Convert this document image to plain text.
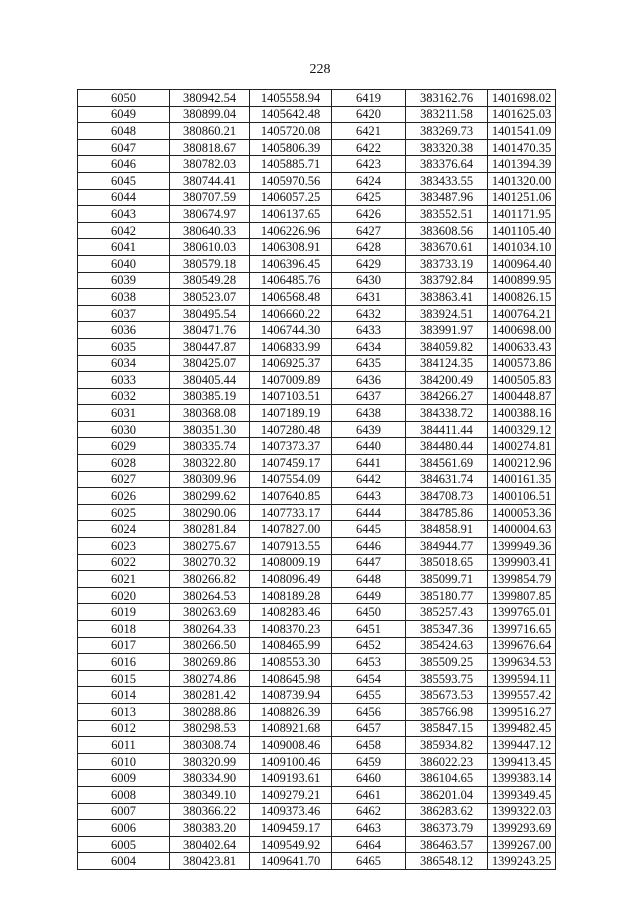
228
6050	380942.54	1405558.94	6419	383162.76	1401698.02
6049	380899.04	1405642.48	6420	383211.58	1401625.03
6048	380860.21	1405720.08	6421	383269.73	1401541.09
6047	380818.67	1405806.39	6422	383320.38	1401470.35
6046	380782.03	1405885.71	6423	383376.64	1401394.39
6045	380744.41	1405970.56	6424	383433.55	1401320.00
6044	380707.59	1406057.25	6425	383487.96	1401251.06
6043	380674.97	1406137.65	6426	383552.51	1401171.95
6042	380640.33	1406226.96	6427	383608.56	1401105.40
6041	380610.03	1406308.91	6428	383670.61	1401034.10
6040	380579.18	1406396.45	6429	383733.19	1400964.40
6039	380549.28	1406485.76	6430	383792.84	1400899.95
6038	380523.07	1406568.48	6431	383863.41	1400826.15
6037	380495.54	1406660.22	6432	383924.51	1400764.21
6036	380471.76	1406744.30	6433	383991.97	1400698.00
6035	380447.87	1406833.99	6434	384059.82	1400633.43
6034	380425.07	1406925.37	6435	384124.35	1400573.86
6033	380405.44	1407009.89	6436	384200.49	1400505.83
6032	380385.19	1407103.51	6437	384266.27	1400448.87
6031	380368.08	1407189.19	6438	384338.72	1400388.16
6030	380351.30	1407280.48	6439	384411.44	1400329.12
6029	380335.74	1407373.37	6440	384480.44	1400274.81
6028	380322.80	1407459.17	6441	384561.69	1400212.96
6027	380309.96	1407554.09	6442	384631.74	1400161.35
6026	380299.62	1407640.85	6443	384708.73	1400106.51
6025	380290.06	1407733.17	6444	384785.86	1400053.36
6024	380281.84	1407827.00	6445	384858.91	1400004.63
6023	380275.67	1407913.55	6446	384944.77	1399949.36
6022	380270.32	1408009.19	6447	385018.65	1399903.41
6021	380266.82	1408096.49	6448	385099.71	1399854.79
6020	380264.53	1408189.28	6449	385180.77	1399807.85
6019	380263.69	1408283.46	6450	385257.43	1399765.01
6018	380264.33	1408370.23	6451	385347.36	1399716.65
6017	380266.50	1408465.99	6452	385424.63	1399676.64
6016	380269.86	1408553.30	6453	385509.25	1399634.53
6015	380274.86	1408645.98	6454	385593.75	1399594.11
6014	380281.42	1408739.94	6455	385673.53	1399557.42
6013	380288.86	1408826.39	6456	385766.98	1399516.27
6012	380298.53	1408921.68	6457	385847.15	1399482.45
6011	380308.74	1409008.46	6458	385934.82	1399447.12
6010	380320.99	1409100.46	6459	386022.23	1399413.45
6009	380334.90	1409193.61	6460	386104.65	1399383.14
6008	380349.10	1409279.21	6461	386201.04	1399349.45
6007	380366.22	1409373.46	6462	386283.62	1399322.03
6006	380383.20	1409459.17	6463	386373.79	1399293.69
6005	380402.64	1409549.92	6464	386463.57	1399267.00
6004	380423.81	1409641.70	6465	386548.12	1399243.25
